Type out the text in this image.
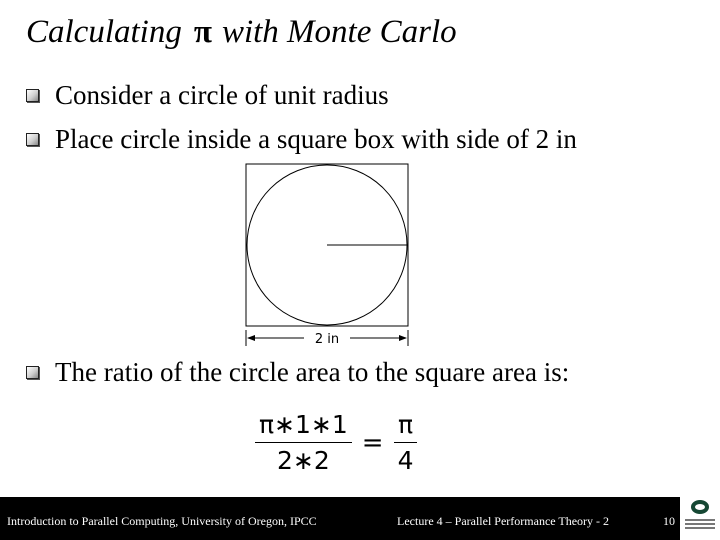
Calculating π with Monte Carlo
Consider a circle of unit radius
Place circle inside a square box with side of 2 in
2 in
The ratio of the circle area to the square area is:
$\frac{\pi∗1∗1}{2∗2} = \frac{\pi}{4}$
Introduction to Parallel Computing, University of Oregon, IPCC	Lecture 4 – Parallel Performance Theory - 2	10
